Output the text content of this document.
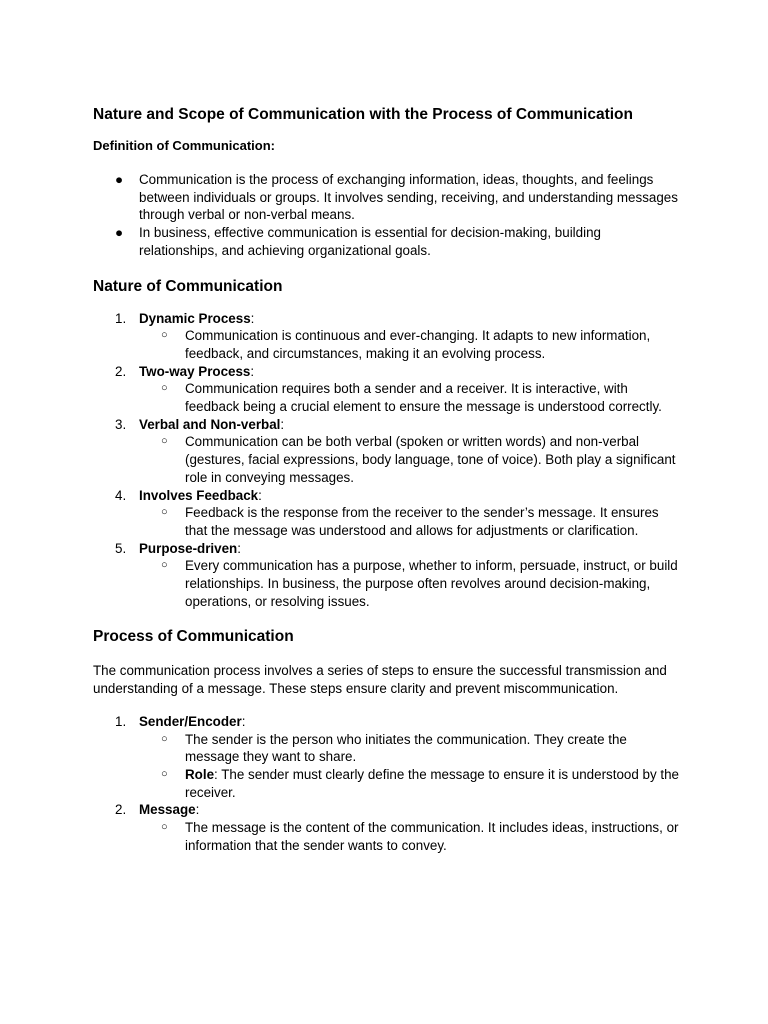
Nature and Scope of Communication with the Process of Communication
Definition of Communication:
● Communication is the process of exchanging information, ideas, thoughts, and feelings between individuals or groups. It involves sending, receiving, and understanding messages through verbal or non-verbal means.
● In business, effective communication is essential for decision-making, building relationships, and achieving organizational goals.
Nature of Communication
1. Dynamic Process:
○ Communication is continuous and ever-changing. It adapts to new information, feedback, and circumstances, making it an evolving process.
2. Two-way Process:
○ Communication requires both a sender and a receiver. It is interactive, with feedback being a crucial element to ensure the message is understood correctly.
3. Verbal and Non-verbal:
○ Communication can be both verbal (spoken or written words) and non-verbal (gestures, facial expressions, body language, tone of voice). Both play a significant role in conveying messages.
4. Involves Feedback:
○ Feedback is the response from the receiver to the sender’s message. It ensures that the message was understood and allows for adjustments or clarification.
5. Purpose-driven:
○ Every communication has a purpose, whether to inform, persuade, instruct, or build relationships. In business, the purpose often revolves around decision-making, operations, or resolving issues.
Process of Communication

The communication process involves a series of steps to ensure the successful transmission and understanding of a message. These steps ensure clarity and prevent miscommunication.

1. Sender/Encoder:
○ The sender is the person who initiates the communication. They create the message they want to share.
○ Role: The sender must clearly define the message to ensure it is understood by the receiver.
2. Message:
○ The message is the content of the communication. It includes ideas, instructions, or information that the sender wants to convey.
